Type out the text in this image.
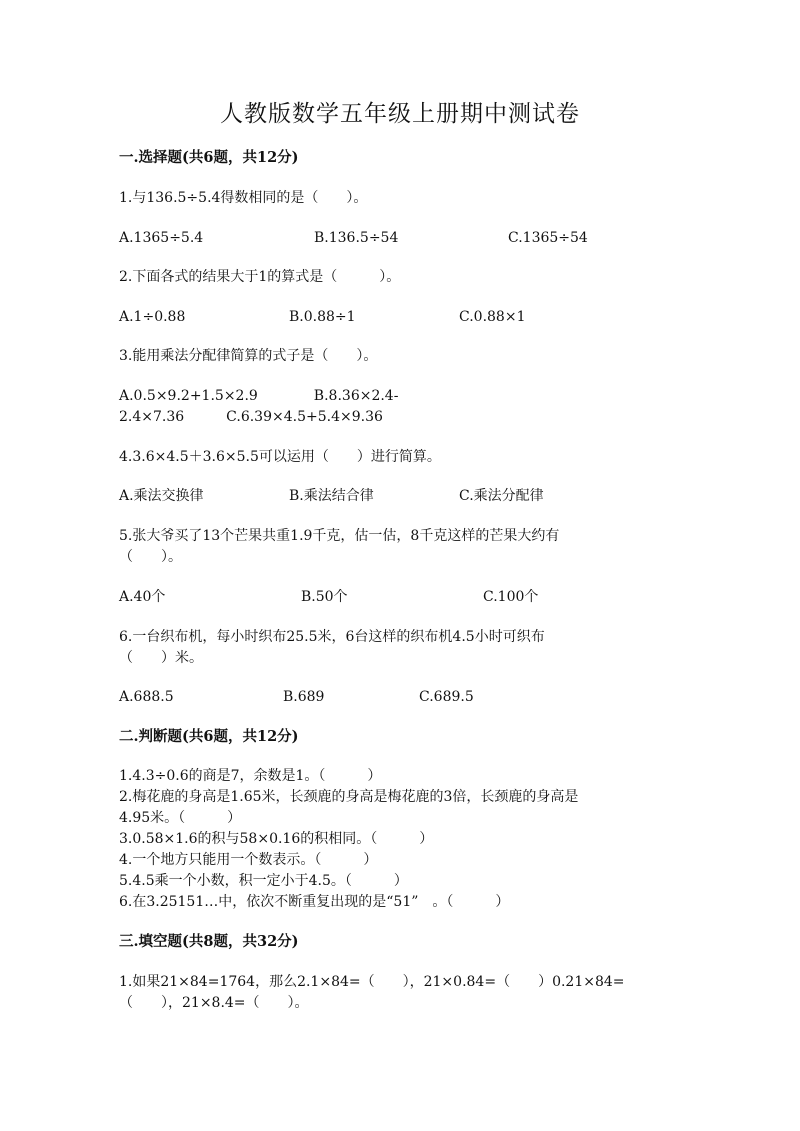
人教版数学五年级上册期中测试卷
一.选择题(共6题，共12分)
1.与136.5÷5.4得数相同的是（　　）。
A.1365÷5.4	B.136.5÷54	C.1365÷54
2.下面各式的结果大于1的算式是（　　　）。
A.1÷0.88	B.0.88÷1	C.0.88×1
3.能用乘法分配律简算的式子是（　　）。
A.0.5×9.2+1.5×2.9　　　　B.8.36×2.4-
2.4×7.36　　　C.6.39×4.5+5.4×9.36
4.3.6×4.5＋3.6×5.5可以运用（　　）进行简算。
A.乘法交换律	B.乘法结合律	C.乘法分配律
5.张大爷买了13个芒果共重1.9千克，估一估，8千克这样的芒果大约有
（　　）。
A.40个	B.50个	C.100个
6.一台织布机，每小时织布25.5米，6台这样的织布机4.5小时可织布
（　　）米。
A.688.5	B.689	C.689.5
二.判断题(共6题，共12分)
1.4.3÷0.6的商是7，余数是1。（　　　）
2.梅花鹿的身高是1.65米，长颈鹿的身高是梅花鹿的3倍，长颈鹿的身高是
4.95米。（　　　）
3.0.58×1.6的积与58×0.16的积相同。（　　　）
4.一个地方只能用一个数表示。（　　　）
5.4.5乘一个小数，积一定小于4.5。（　　　）
6.在3.25151…中，依次不断重复出现的是“51”　。（　　　）
三.填空题(共8题，共32分)
1.如果21×84=1764，那么2.1×84=（　　），21×0.84=（　　）0.21×84=
（　　），21×8.4=（　　）。
